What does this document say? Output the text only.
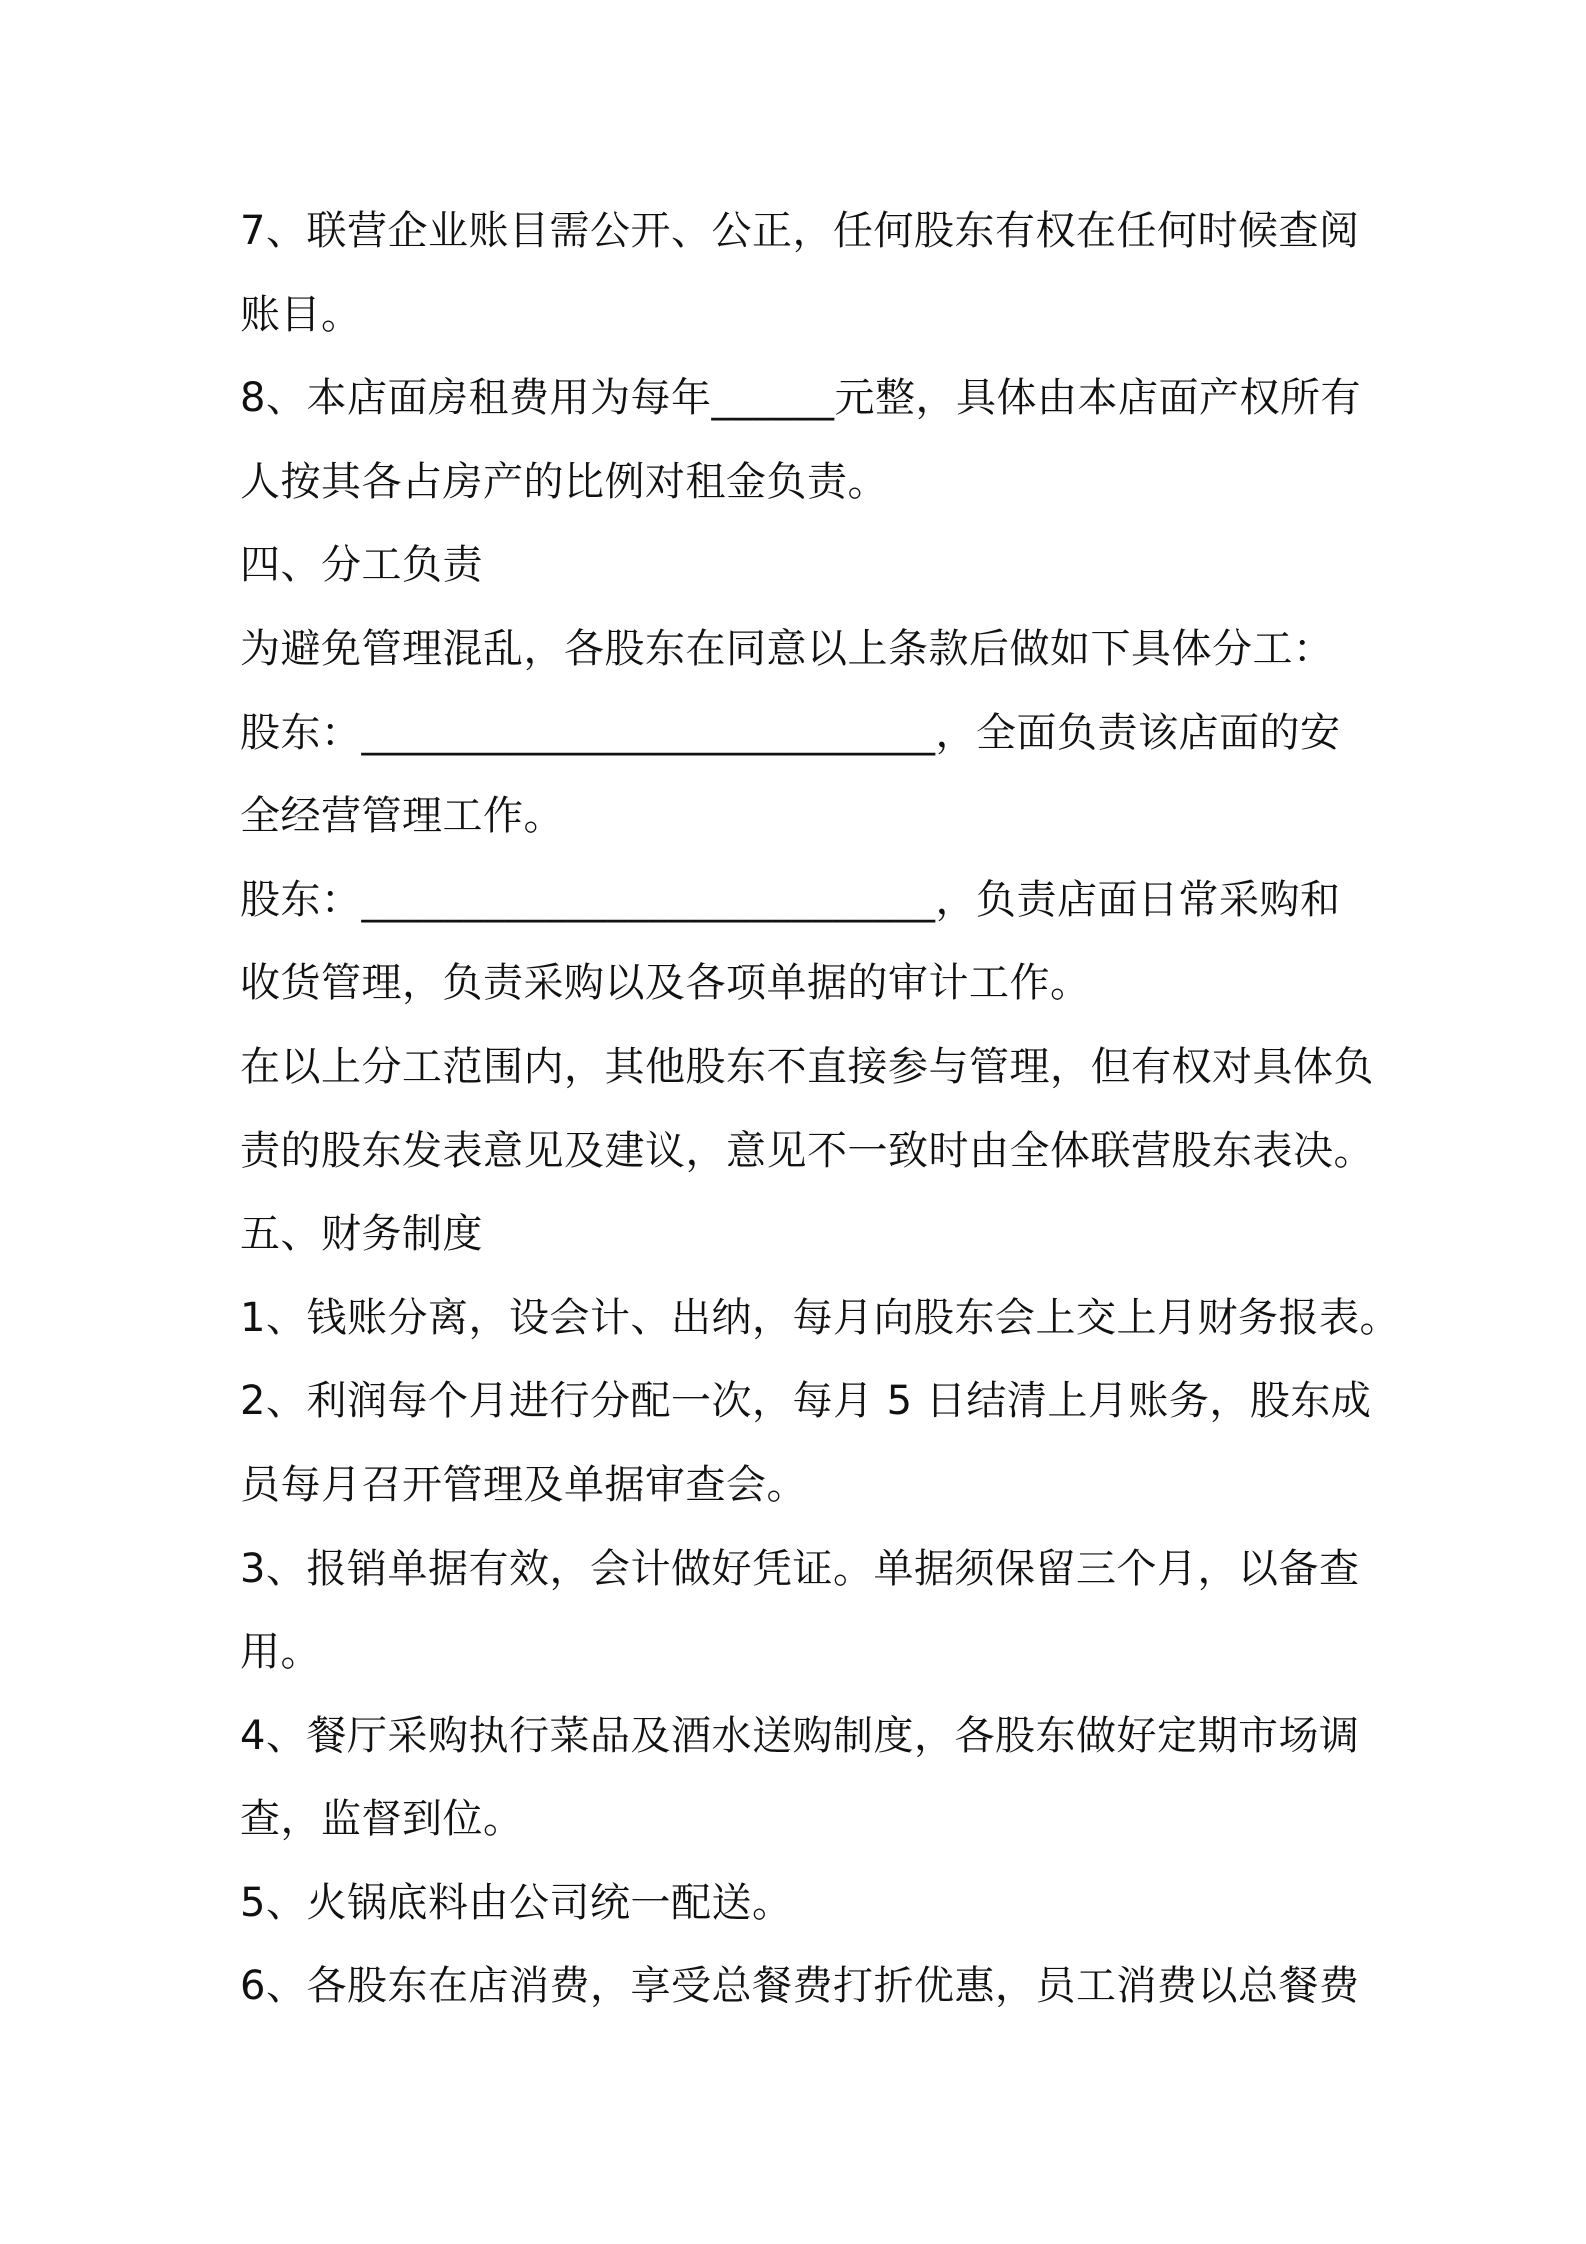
7、联营企业账目需公开、公正，任何股东有权在任何时候查阅
账目。
8、本店面房租费用为每年______元整，具体由本店面产权所有
人按其各占房产的比例对租金负责。
四、分工负责
为避免管理混乱，各股东在同意以上条款后做如下具体分工：
股东：____________________________，全面负责该店面的安
全经营管理工作。
股东：____________________________，负责店面日常采购和
收货管理，负责采购以及各项单据的审计工作。
在以上分工范围内，其他股东不直接参与管理，但有权对具体负
责的股东发表意见及建议，意见不一致时由全体联营股东表决。
五、财务制度
1、钱账分离，设会计、出纳，每月向股东会上交上月财务报表。
2、利润每个月进行分配一次，每月 5 日结清上月账务，股东成
员每月召开管理及单据审查会。
3、报销单据有效，会计做好凭证。单据须保留三个月，以备查
用。
4、餐厅采购执行菜品及酒水送购制度，各股东做好定期市场调
查，监督到位。
5、火锅底料由公司统一配送。
6、各股东在店消费，享受总餐费打折优惠，员工消费以总餐费
